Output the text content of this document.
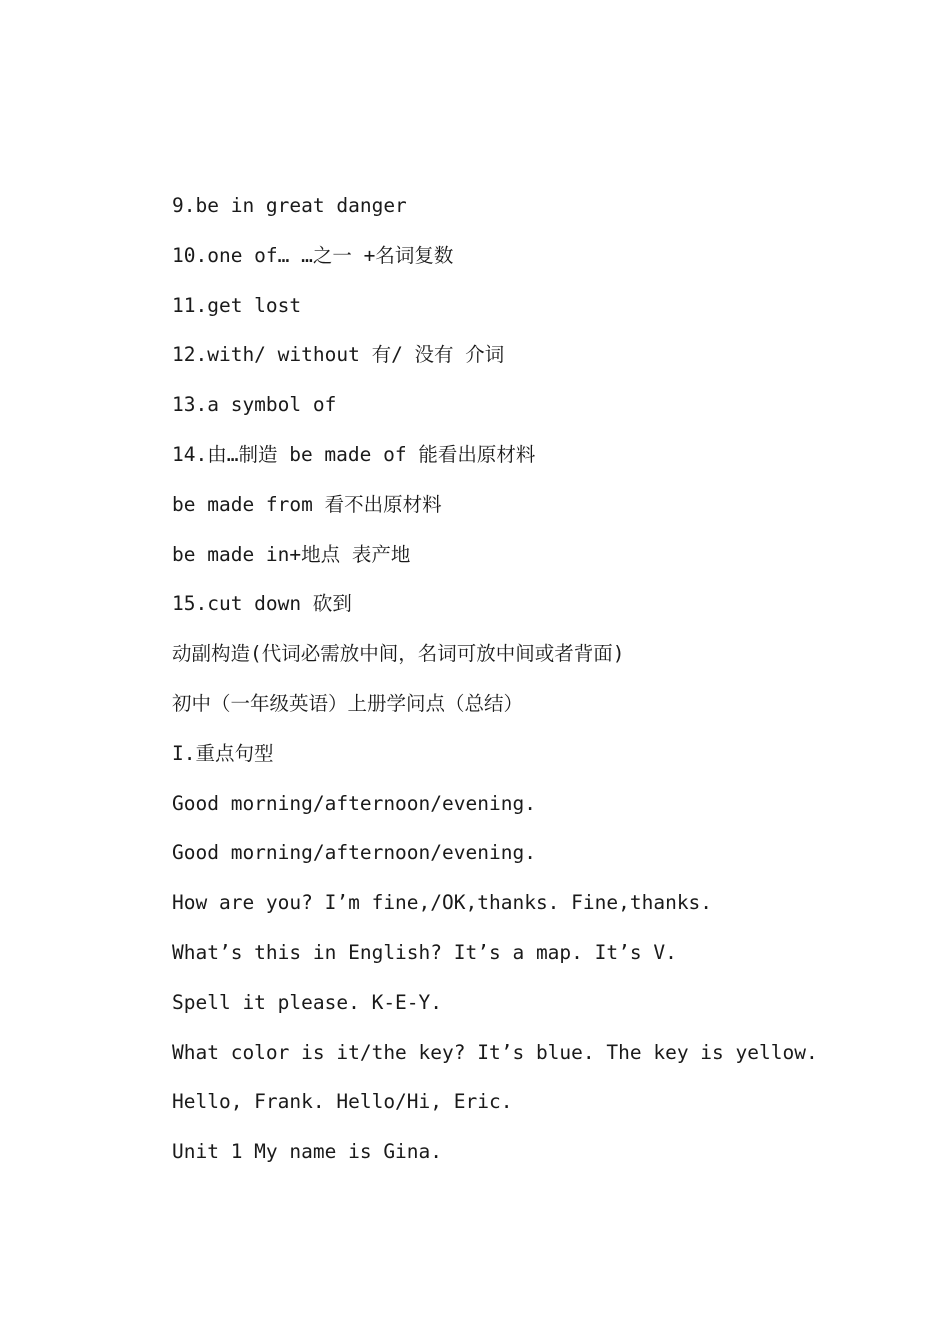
9.be in great danger
10.one of… …之一 +名词复数
11.get lost
12.with/ without 有/ 没有 介词
13.a symbol of
14.由…制造 be made of 能看出原材料
be made from 看不出原材料
be made in+地点 表产地
15.cut down 砍到
动副构造(代词必需放中间，名词可放中间或者背面)
初中（一年级英语）上册学问点（总结）
I.重点句型
Good morning/afternoon/evening.
Good morning/afternoon/evening.
How are you? I’m fine,/OK,thanks. Fine,thanks.
What’s this in English? It’s a map. It’s V.
Spell it please. K-E-Y.
What color is it/the key? It’s blue. The key is yellow.
Hello, Frank. Hello/Hi, Eric.
Unit 1 My name is Gina.
